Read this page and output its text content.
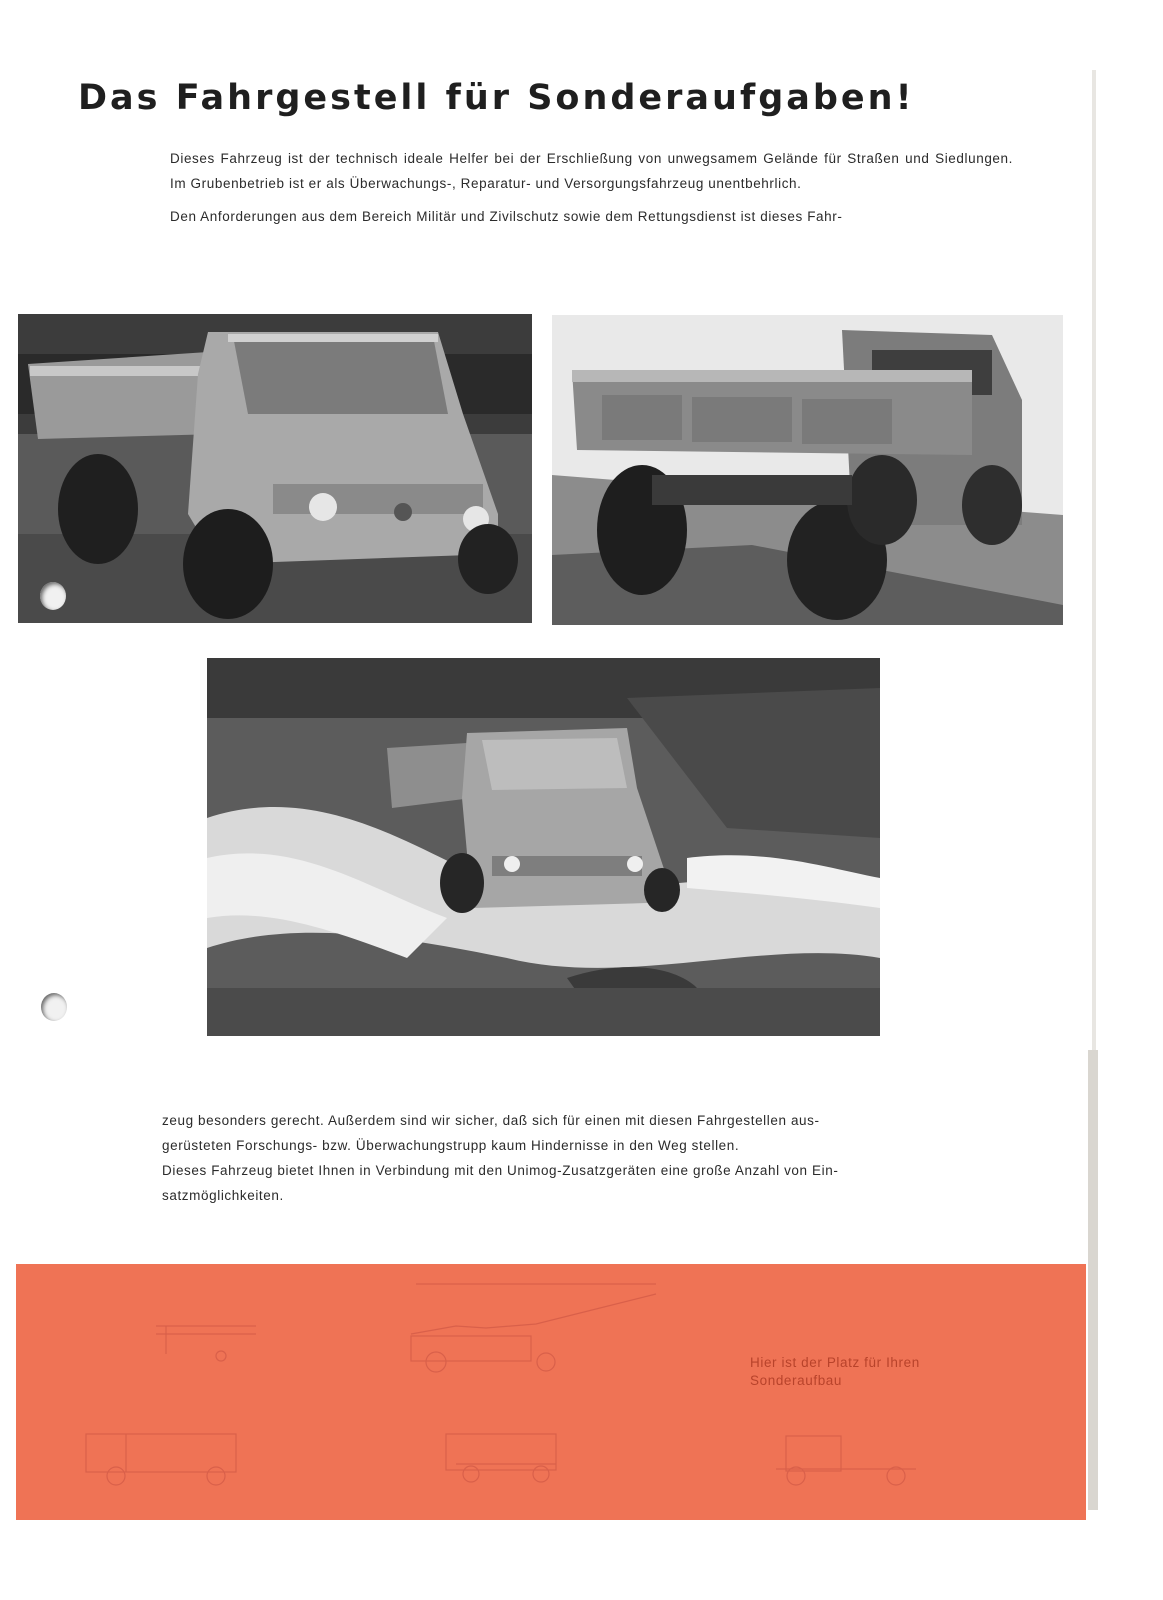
Das Fahrgestell für Sonderaufgaben!

Dieses Fahrzeug ist der technisch ideale Helfer bei der Erschließung von unwegsamem Gelände für Straßen und Siedlungen. Im Grubenbetrieb ist er als Überwachungs-, Reparatur- und Versorgungsfahrzeug unentbehrlich.

Den Anforderungen aus dem Bereich Militär und Zivilschutz sowie dem Rettungsdienst ist dieses Fahr-

zeug besonders gerecht. Außerdem sind wir sicher, daß sich für einen mit diesen Fahrgestellen aus-
gerüsteten Forschungs- bzw. Überwachungstrupp kaum Hindernisse in den Weg stellen.
Dieses Fahrzeug bietet Ihnen in Verbindung mit den Unimog-Zusatzgeräten eine große Anzahl von Ein-
satzmöglichkeiten.
Hier ist der Platz für Ihren
Sonderaufbau
